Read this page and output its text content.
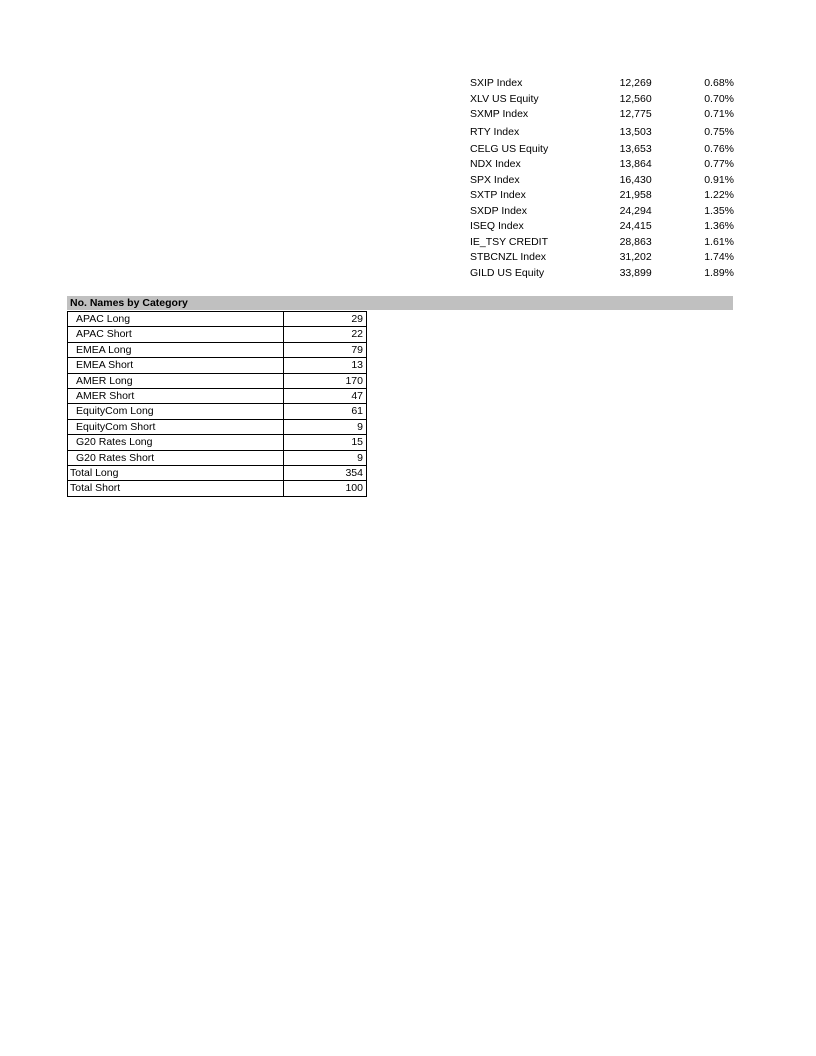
SXIP Index	12,269	0.68%
XLV US Equity	12,560	0.70%
SXMP Index	12,775	0.71%
RTY Index	13,503	0.75%
CELG US Equity	13,653	0.76%
NDX Index	13,864	0.77%
SPX Index	16,430	0.91%
SXTP Index	21,958	1.22%
SXDP Index	24,294	1.35%
ISEQ Index	24,415	1.36%
IE_TSY CREDIT	28,863	1.61%
STBCNZL Index	31,202	1.74%
GILD US Equity	33,899	1.89%
No. Names by Category
APAC Long	29
APAC Short	22
EMEA Long	79
EMEA Short	13
AMER Long	170
AMER Short	47
EquityCom Long	61
EquityCom Short	9
G20 Rates Long	15
G20 Rates Short	9
Total Long	354
Total Short	100
